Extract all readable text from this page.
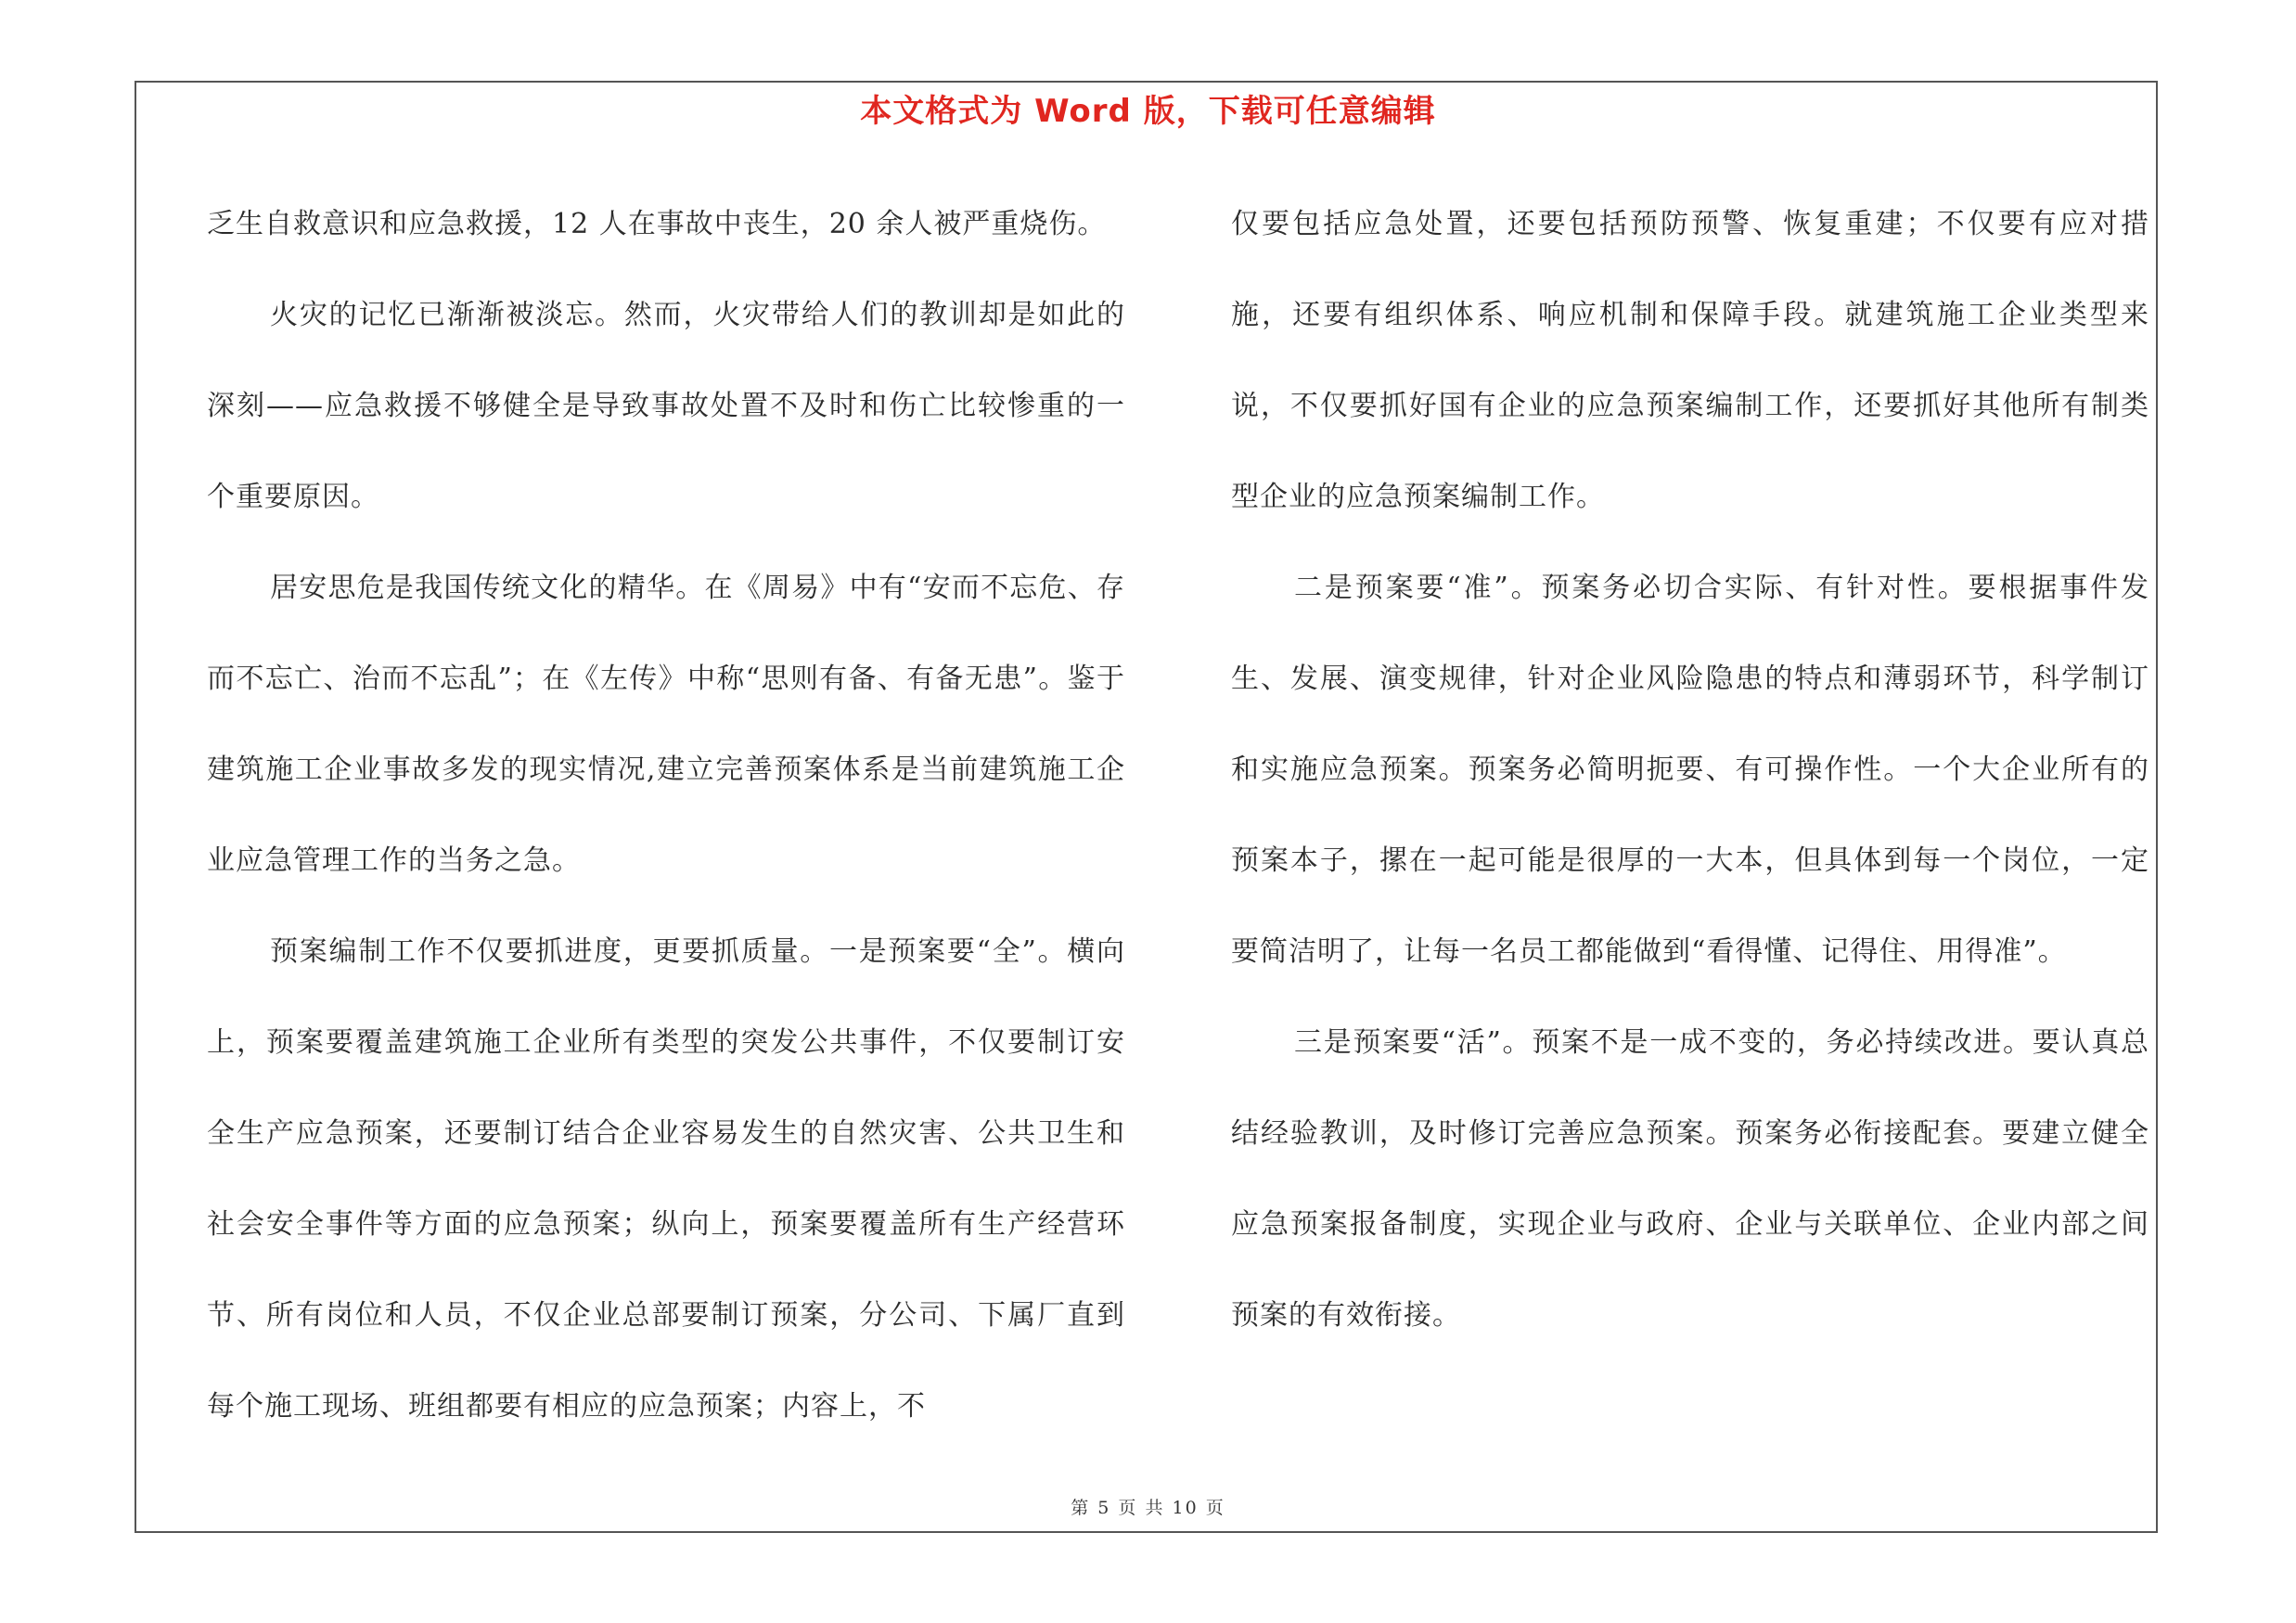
本文格式为 Word 版，下载可任意编辑

乏生自救意识和应急救援，12 人在事故中丧生，20 余人被严重烧伤。

火灾的记忆已渐渐被淡忘。然而，火灾带给人们的教训却是如此的深刻——应急救援不够健全是导致事故处置不及时和伤亡比较惨重的一个重要原因。

居安思危是我国传统文化的精华。在《周易》中有“安而不忘危、存而不忘亡、治而不忘乱”；在《左传》中称“思则有备、有备无患”。鉴于建筑施工企业事故多发的现实情况,建立完善预案体系是当前建筑施工企业应急管理工作的当务之急。

预案编制工作不仅要抓进度，更要抓质量。一是预案要“全”。横向上，预案要覆盖建筑施工企业所有类型的突发公共事件，不仅要制订安全生产应急预案，还要制订结合企业容易发生的自然灾害、公共卫生和社会安全事件等方面的应急预案；纵向上，预案要覆盖所有生产经营环节、所有岗位和人员，不仅企业总部要制订预案，分公司、下属厂直到每个施工现场、班组都要有相应的应急预案；内容上，不

仅要包括应急处置，还要包括预防预警、恢复重建；不仅要有应对措施，还要有组织体系、响应机制和保障手段。就建筑施工企业类型来说，不仅要抓好国有企业的应急预案编制工作，还要抓好其他所有制类型企业的应急预案编制工作。

二是预案要“准”。预案务必切合实际、有针对性。要根据事件发生、发展、演变规律，针对企业风险隐患的特点和薄弱环节，科学制订和实施应急预案。预案务必简明扼要、有可操作性。一个大企业所有的预案本子，摞在一起可能是很厚的一大本，但具体到每一个岗位，一定要简洁明了，让每一名员工都能做到“看得懂、记得住、用得准”。

三是预案要“活”。预案不是一成不变的，务必持续改进。要认真总结经验教训，及时修订完善应急预案。预案务必衔接配套。要建立健全应急预案报备制度，实现企业与政府、企业与关联单位、企业内部之间预案的有效衔接。

第 5 页 共 10 页
